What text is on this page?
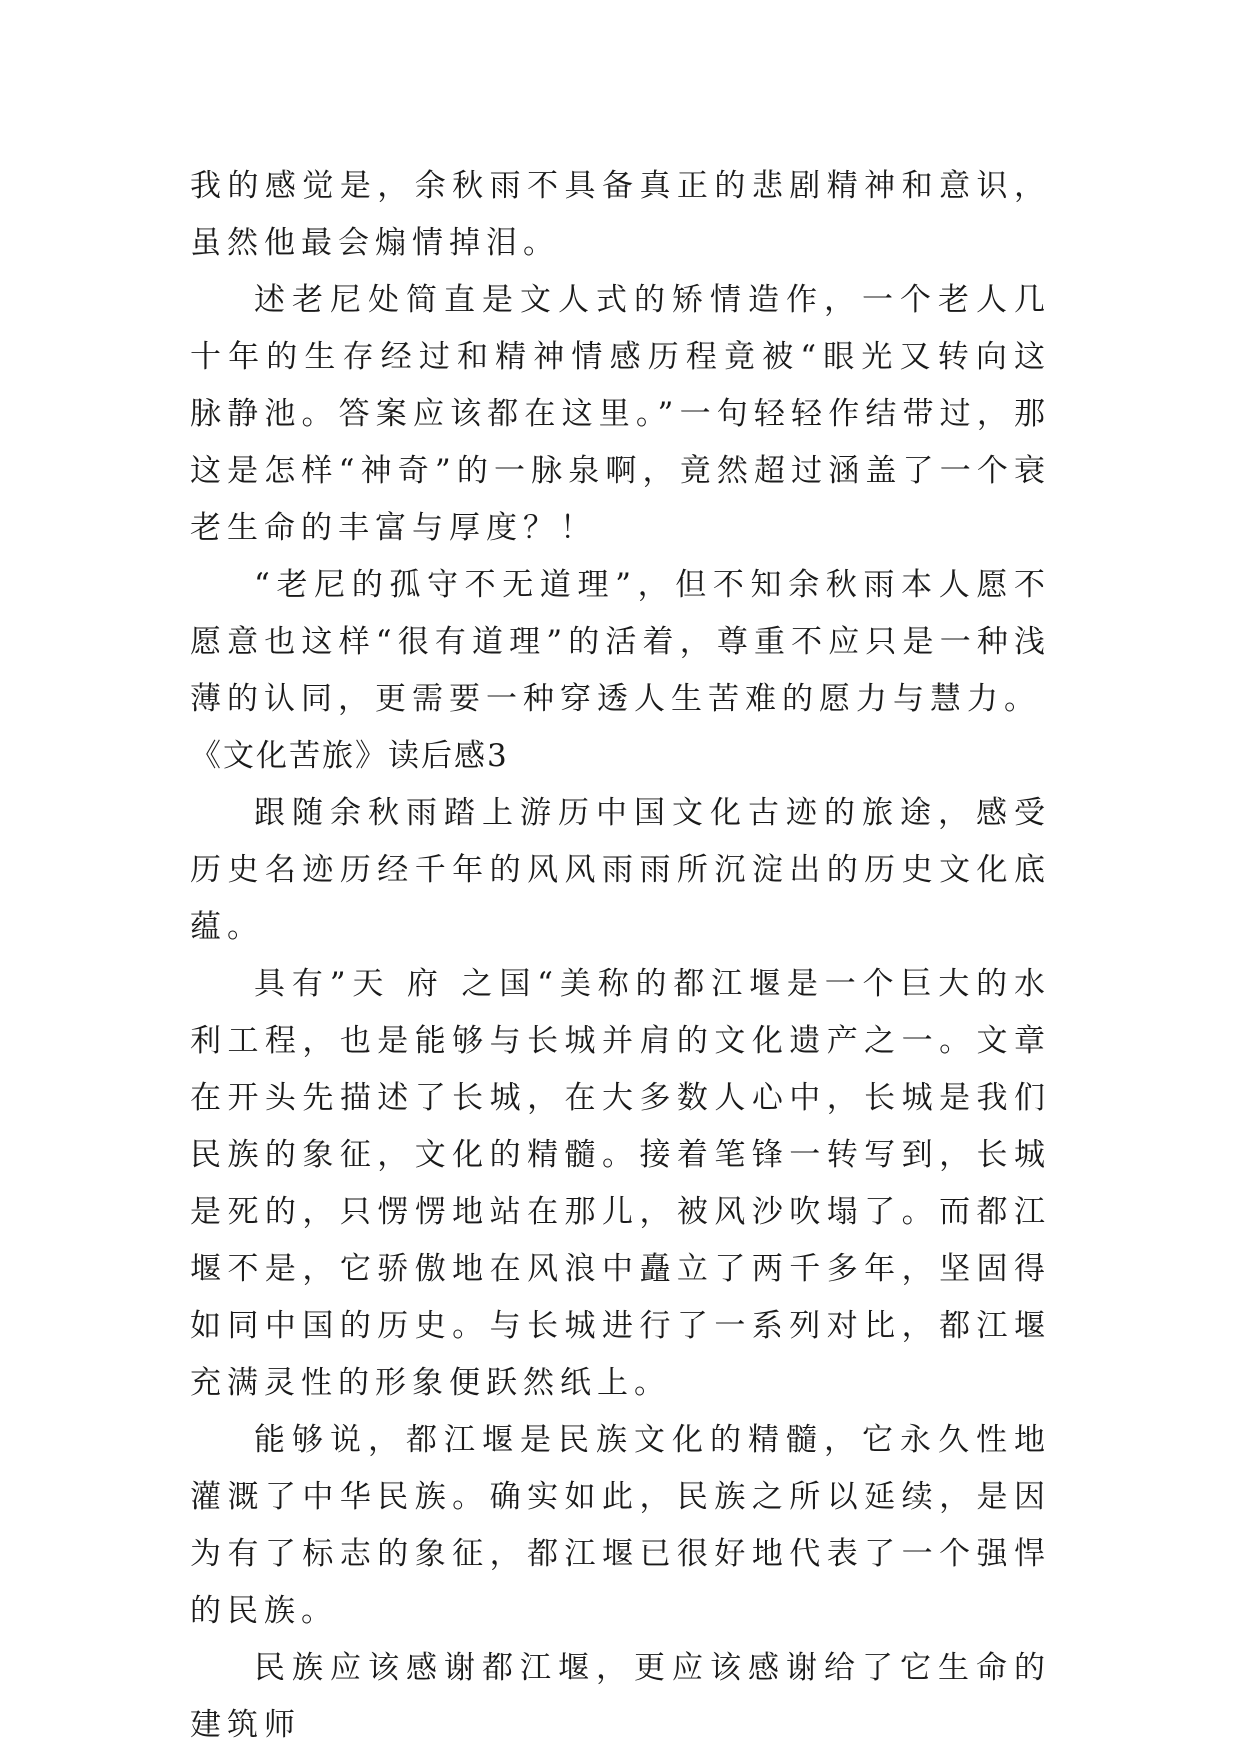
我的感觉是，余秋雨不具备真正的悲剧精神和意识，虽然他最会煽情掉泪。

述老尼处简直是文人式的矫情造作，一个老人几十年的生存经过和精神情感历程竟被“眼光又转向这脉静池。答案应该都在这里。”一句轻轻作结带过，那这是怎样“神奇”的一脉泉啊，竟然超过涵盖了一个衰老生命的丰富与厚度？！

“老尼的孤守不无道理”，但不知余秋雨本人愿不愿意也这样“很有道理”的活着，尊重不应只是一种浅薄的认同，更需要一种穿透人生苦难的愿力与慧力。

《文化苦旅》读后感3

跟随余秋雨踏上游历中国文化古迹的旅途，感受历史名迹历经千年的风风雨雨所沉淀出的历史文化底蕴。

具有”天 府 之国“美称的都江堰是一个巨大的水利工程，也是能够与长城并肩的文化遗产之一。文章在开头先描述了长城，在大多数人心中，长城是我们民族的象征，文化的精髓。接着笔锋一转写到，长城是死的，只愣愣地站在那儿，被风沙吹塌了。而都江堰不是，它骄傲地在风浪中矗立了两千多年，坚固得如同中国的历史。与长城进行了一系列对比，都江堰充满灵性的形象便跃然纸上。

能够说，都江堰是民族文化的精髓，它永久性地灌溉了中华民族。确实如此，民族之所以延续，是因为有了标志的象征，都江堰已很好地代表了一个强悍的民族。

民族应该感谢都江堰，更应该感谢给了它生命的建筑师
